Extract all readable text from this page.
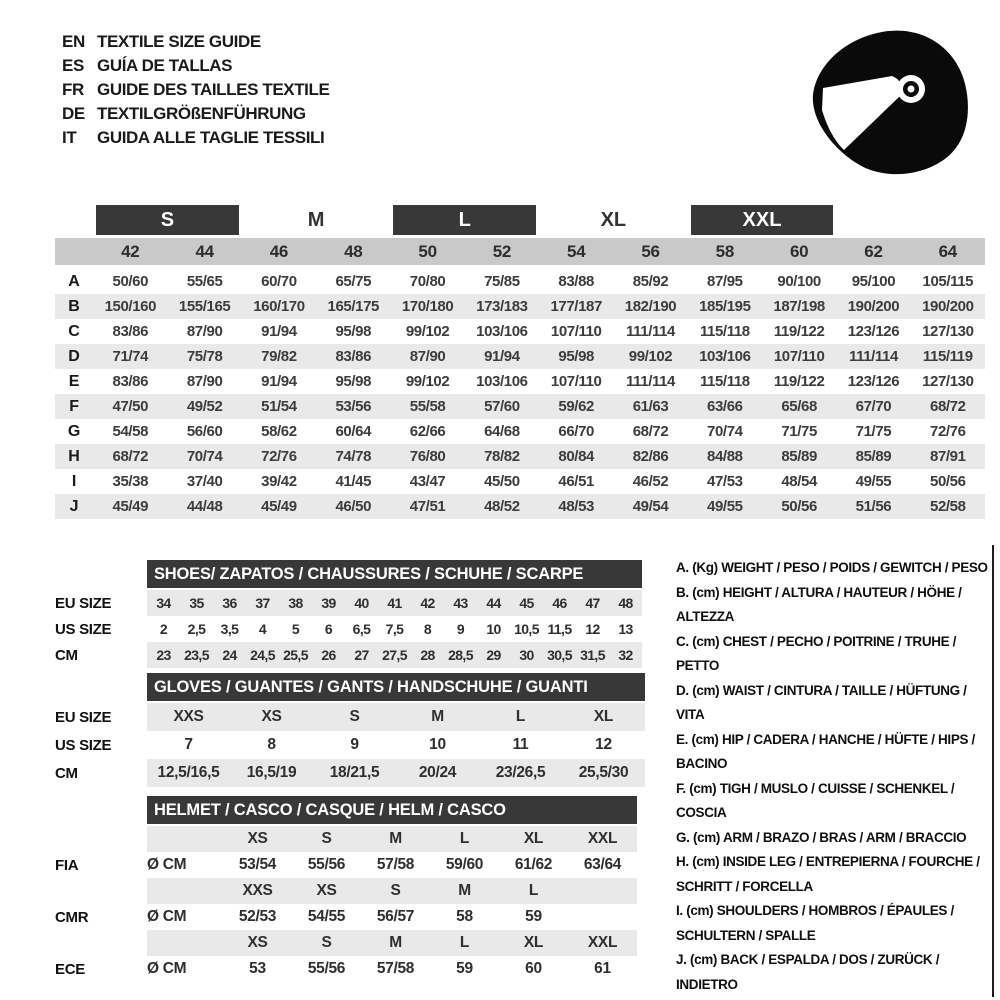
EN TEXTILE SIZE GUIDE
ES GUÍA DE TALLAS
FR GUIDE DES TAILLES TEXTILE
DE TEXTILGRÖßENFÜHRUNG
IT	GUIDA ALLE TAGLIE TESSILI
	S		M		L		XL		XXL			
	42	44	46	48	50	52	54	56	58	60	62	64
A	50/60	55/65	60/70	65/75	70/80	75/85	83/88	85/92	87/95	90/100	95/100	105/115
B	150/160	155/165	160/170	165/175	170/180	173/183	177/187	182/190	185/195	187/198	190/200	190/200
C	83/86	87/90	91/94	95/98	99/102	103/106	107/110	111/114	115/118	119/122	123/126	127/130
D	71/74	75/78	79/82	83/86	87/90	91/94	95/98	99/102	103/106	107/110	111/114	115/119
E	83/86	87/90	91/94	95/98	99/102	103/106	107/110	111/114	115/118	119/122	123/126	127/130
F	47/50	49/52	51/54	53/56	55/58	57/60	59/62	61/63	63/66	65/68	67/70	68/72
G	54/58	56/60	58/62	60/64	62/66	64/68	66/70	68/72	70/74	71/75	71/75	72/76
H	68/72	70/74	72/76	74/78	76/80	78/82	80/84	82/86	84/88	85/89	85/89	87/91
I	35/38	37/40	39/42	41/45	43/47	45/50	46/51	46/52	47/53	48/54	49/55	50/56
J	45/49	44/48	45/49	46/50	47/51	48/52	48/53	49/54	49/55	50/56	51/56	52/58
	SHOES/ ZAPATOS / CHAUSSURES / SCHUHE / SCARPE														
EU SIZE	34	35	36	37	38	39	40	41	42	43	44	45	46	47	48
US SIZE	2	2,5	3,5	4	5	6	6,5	7,5	8	9	10	10,5	11,5	12	13
CM	23	23,5	24	24,5	25,5	26	27	27,5	28	28,5	29	30	30,5	31,5	32
	GLOVES / GUANTES / GANTS / HANDSCHUHE / GUANTI					
EU SIZE	XXS	XS	S	M	L	XL
US SIZE	7	8	9	10	11	12
CM	12,5/16,5	16,5/19	18/21,5	20/24	23/26,5	25,5/30
	HELMET / CASCO / CASQUE / HELM / CASCO						
		XS	S	M	L	XL	XXL
FIA	Ø CM	53/54	55/56	57/58	59/60	61/62	63/64
		XXS	XS	S	M	L	
CMR	Ø CM	52/53	54/55	56/57	58	59	
		XS	S	M	L	XL	XXL
ECE	Ø CM	53	55/56	57/58	59	60	61
A. (Kg) WEIGHT / PESO / POIDS / GEWITCH / PESO
B. (cm) HEIGHT / ALTURA / HAUTEUR / HÖHE / ALTEZZA
C. (cm) CHEST / PECHO / POITRINE / TRUHE / PETTO
D. (cm) WAIST / CINTURA / TAILLE / HÜFTUNG / VITA
E. (cm) HIP / CADERA / HANCHE / HÜFTE / HIPS / BACINO
F. (cm) TIGH / MUSLO / CUISSE / SCHENKEL / COSCIA
G. (cm) ARM / BRAZO / BRAS / ARM / BRACCIO
H. (cm) INSIDE LEG / ENTREPIERNA / FOURCHE / SCHRITT / FORCELLA
I. (cm) SHOULDERS / HOMBROS / ÉPAULES / SCHULTERN / SPALLE
J. (cm) BACK / ESPALDA / DOS / ZURÜCK / INDIETRO
